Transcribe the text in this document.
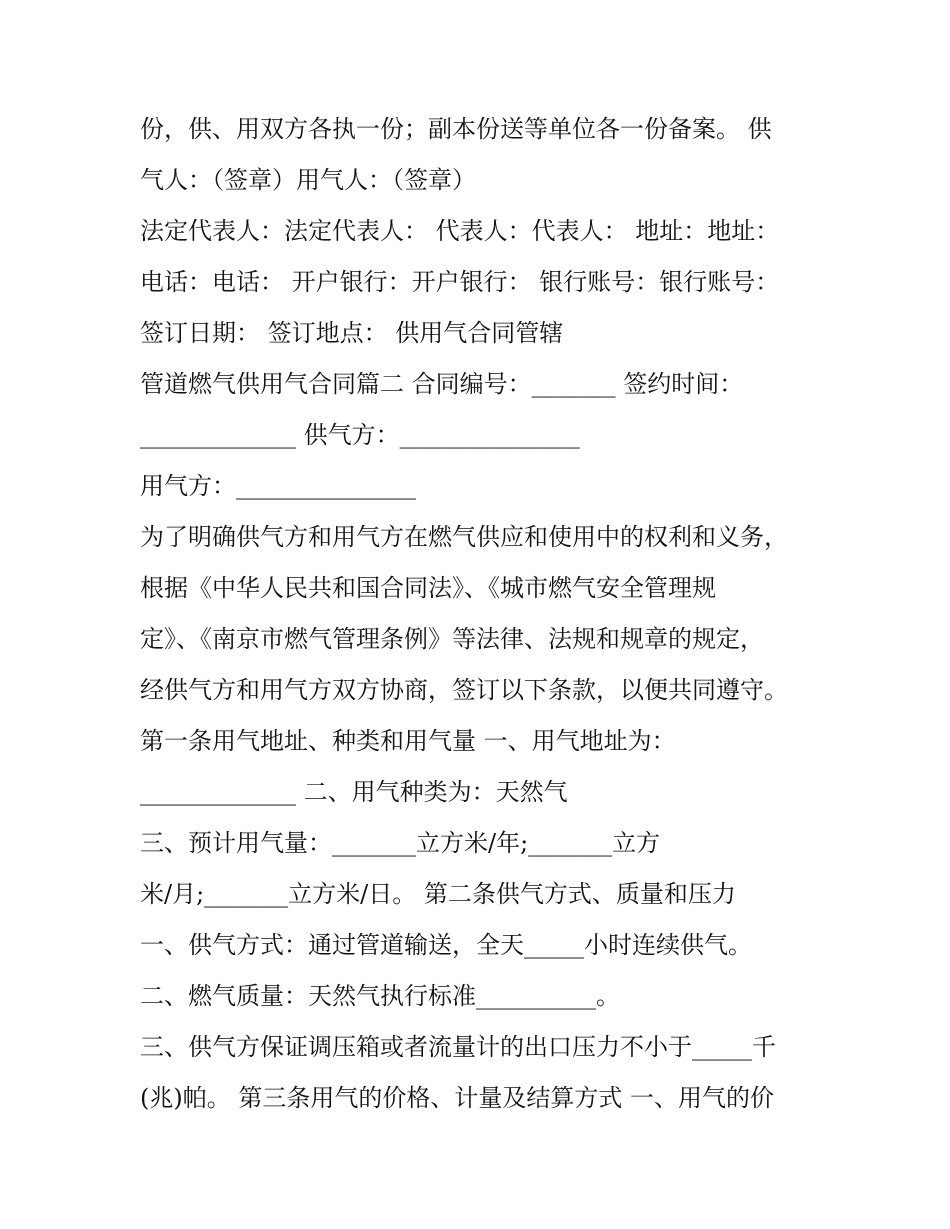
份，供、用双方各执一份；副本份送等单位各一份备案。 供
气人：（签章）用气人：（签章）
法定代表人：法定代表人： 代表人：代表人： 地址：地址：
电话：电话： 开户银行：开户银行： 银行账号：银行账号：
签订日期： 签订地点： 供用气合同管辖
管道燃气供用气合同篇二 合同编号：_______ 签约时间：
_____________ 供气方：_______________
用气方：_______________
为了明确供气方和用气方在燃气供应和使用中的权利和义务，
根据《中华人民共和国合同法》、《城市燃气安全管理规
定》、《南京市燃气管理条例》等法律、法规和规章的规定，
经供气方和用气方双方协商，签订以下条款，以便共同遵守。
第一条用气地址、种类和用气量 一、用气地址为：
_____________ 二、用气种类为：天然气
三、预计用气量：_______立方米/年;_______立方
米/月;_______立方米/日。 第二条供气方式、质量和压力
一、供气方式：通过管道输送，全天_____小时连续供气。
二、燃气质量：天然气执行标准__________。
三、供气方保证调压箱或者流量计的出口压力不小于_____千
(兆)帕。 第三条用气的价格、计量及结算方式 一、用气的价
